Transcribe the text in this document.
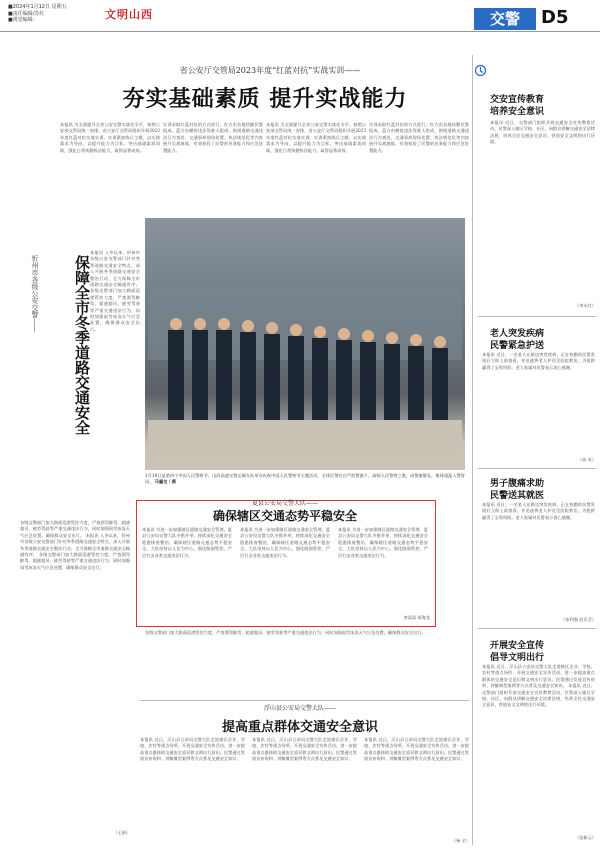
■2024年1月12日 星期五
■责任编辑/苏红
■视觉编辑：	文明山西	交警	D5
省公安厅交管局2023年度“红蓝对抗”实战实训——
夯实基础素质 提升实战能力
本报讯 为全面提升全省公安交警实战化水平，按照公安部交管局统一安排，省公安厅交管局组织开展2023年度红蓝对抗实战实训。实训紧扣练兵主题，以实战需求为导向，以提升能力为目标，突出基础素质训练，强化日常执勤执法能力，取得显著成效。
实训采取红蓝对抗的方式进行，红方由各地执勤民警组成，蓝方由模拟违法驾驶人组成，围绕道路交通违法行为查处、交通事故现场处置、执法规范化等内容展开实战演练，有效检验了民警的业务能力和应急处置能力。
本报讯 为全面提升全省公安交警实战化水平，按照公安部交管局统一安排，省公安厅交管局组织开展2023年度红蓝对抗实战实训。实训紧扣练兵主题，以实战需求为导向，以提升能力为目标，突出基础素质训练，强化日常执勤执法能力，取得显著成效。
实训采取红蓝对抗的方式进行，红方由各地执勤民警组成，蓝方由模拟违法驾驶人组成，围绕道路交通违法行为查处、交通事故现场处置、执法规范化等内容展开实战演练，有效检验了民警的业务能力和应急处置能力。
忻州市各级公安交警——	保障全市冬季道路交通安全
本报讯 入冬以来，忻州市各级公安交警部门针对冬季道路交通安全特点，深入开展冬季道路交通安全整治行动，全力保障全市道路交通安全畅通有序。 各级交警部门加大路面巡逻管控力度，严查酒驾醉驾、超速超员、疲劳驾驶等严重交通违法行为，同时加强雨雪冰冻天气应急处置，确保群众安全出行。
各级交警部门加大路面巡逻管控力度，严查酒驾醉驾、超速超员、疲劳驾驶等严重交通违法行为，同时加强雨雪冰冻天气应急处置，确保群众安全出行。 本报讯 入冬以来，忻州市各级公安交警部门针对冬季道路交通安全特点，深入开展冬季道路交通安全整治行动，全力保障全市道路交通安全畅通有序。 各级交警部门加大路面巡逻管控力度，严查酒驾醉驾、超速超员、疲劳驾驶等严重交通违法行为，同时加强雨雪冰冻天气应急处置，确保群众安全出行。
（王娟）
1月10日是第四个中国人民警察节。山西高速交警运城支队举办庆祝中国人民警察节主题活动，全体民警在庄严的警旗下，高唱人民警察之歌，向警旗敬礼，集体重温入警誓词。 马骥龙 / 摄
夏县公安局交警大队——
确保辖区交通态势平稳安全
本报讯 为进一步加强辖区道路交通安全管理，夏县公安局交警大队多措并举，持续深化交通安全隐患排查整治，确保辖区道路交通态势平稳安全。大队坚持以人民为中心，强化路面管控，严厉打击各类交通违法行为。
本报讯 为进一步加强辖区道路交通安全管理，夏县公安局交警大队多措并举，持续深化交通安全隐患排查整治，确保辖区道路交通态势平稳安全。大队坚持以人民为中心，强化路面管控，严厉打击各类交通违法行为。
本报讯 为进一步加强辖区道路交通安全管理，夏县公安局交警大队多措并举，持续深化交通安全隐患排查整治，确保辖区道路交通态势平稳安全。大队坚持以人民为中心，强化路面管控，严厉打击各类交通违法行为。
李富清 郑海龙
各级交警部门加大路面巡逻管控力度，严查酒驾醉驾、超速超员、疲劳驾驶等严重交通违法行为，同时加强雨雪冰冻天气应急处置，确保群众安全出行。
浮山县公安局交警大队——
提高重点群体交通安全意识
本报讯 近日，浮山县公安局交警大队走进辖区企业、学校、农村等重点场所，开展交通安全宣传活动，进一步提高重点群体的交通安全意识和文明出行意识。民警通过发放宣传资料、讲解典型案例等方式普及交通安全知识。
本报讯 近日，浮山县公安局交警大队走进辖区企业、学校、农村等重点场所，开展交通安全宣传活动，进一步提高重点群体的交通安全意识和文明出行意识。民警通过发放宣传资料、讲解典型案例等方式普及交通安全知识。
本报讯 近日，浮山县公安局交警大队走进辖区企业、学校、农村等重点场所，开展交通安全宣传活动，进一步提高重点群体的交通安全意识和文明出行意识。民警通过发放宣传资料、讲解典型案例等方式普及交通安全知识。
（杨 全）
交安宣传教育
培养安全意识
本报讯 近日，交警部门组织开展交通安全宣传教育活动，民警深入辖区学校、社区，向群众讲解交通安全法律法规，培养全民交通安全意识，营造安全文明的出行环境。
（李永红）
老人突发疾病
民警紧急护送
本报讯 近日，一名老人在路边突发疾病，正在执勤的民警发现后立即上前查看，并迅速将老人护送至医院救治，为抢救赢得了宝贵时间，老人家属对民警表示衷心感谢。
（高 英）
男子腹痛求助
民警送其就医
本报讯 近日，一名老人在路边突发疾病，正在执勤的民警发现后立即上前查看，并迅速将老人护送至医院救治，为抢救赢得了宝贵时间，老人家属对民警表示衷心感谢。
（张利强 赵乐芸）
开展安全宣传
倡导文明出行
本报讯 近日，浮山县公安局交警大队走进辖区企业、学校、农村等重点场所，开展交通安全宣传活动，进一步提高重点群体的交通安全意识和文明出行意识。民警通过发放宣传资料、讲解典型案例等方式普及交通安全知识。 本报讯 近日，交警部门组织开展交通安全宣传教育活动，民警深入辖区学校、社区，向群众讲解交通安全法律法规，培养全民交通安全意识，营造安全文明的出行环境。
（张新云）
